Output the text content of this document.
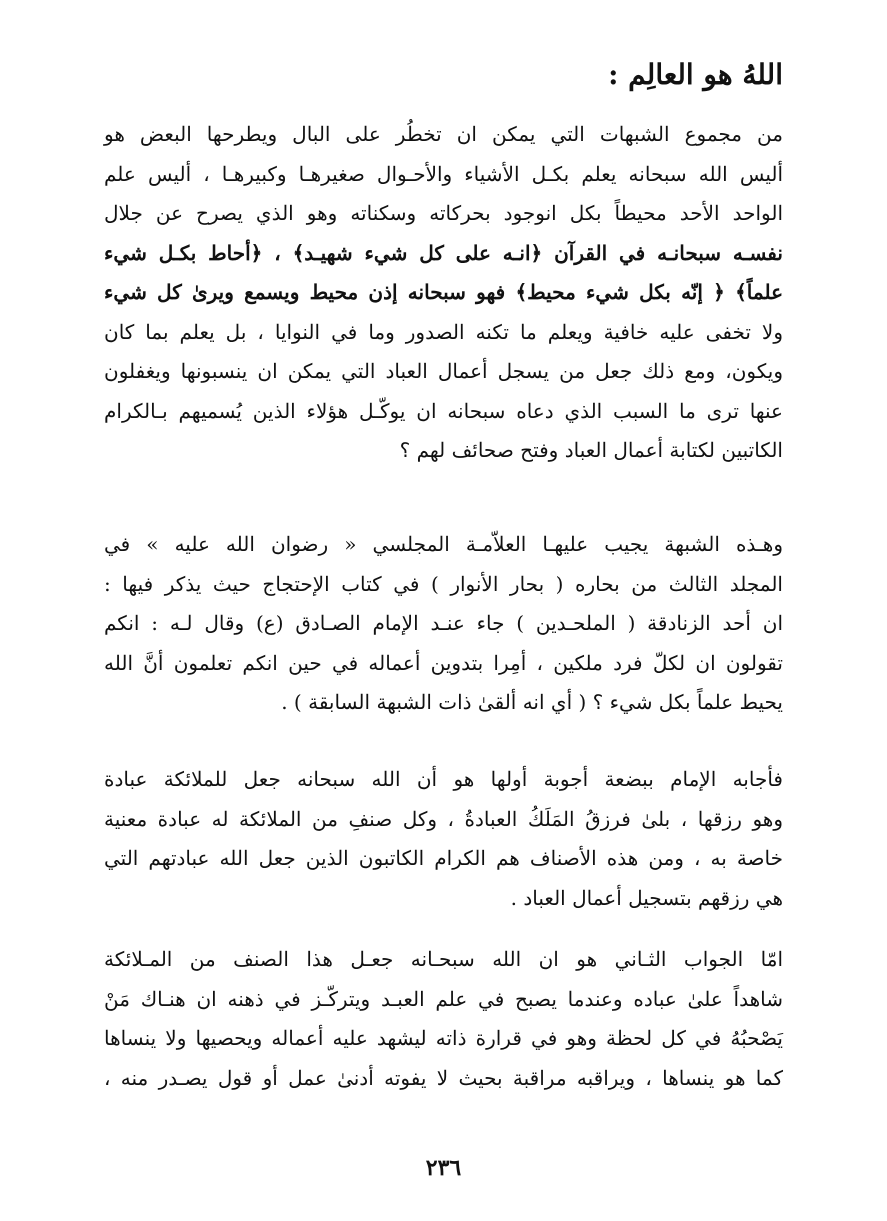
اللهُ هو العالِم :

من مجموع الشبهات التي يمكن ان تخطُر على البال ويطرحها البعض هو
أليس الله سبحانه يعلم بكـل الأشياء والأحـوال صغيرهـا وكبيرهـا ، أليس علم
الواحد الأحد محيطاً بكل انوجود بحركاته وسكناته وهو الذي يصرح عن جلال
نفسـه سبحانـه في القرآن ﴿انـه على كل شيء شهيـد﴾ ، ﴿أحاط بكـل شيء
علماً﴾ ﴿ إنّه بكل شيء محيط﴾ فهو سبحانه إذن محيط ويسمع ويرىٰ كل شيء
ولا تخفى عليه خافية ويعلم ما تكنه الصدور وما في النوايا ، بل يعلم بما كان
ويكون، ومع ذلك جعل من يسجل أعمال العباد التي يمكن ان ينسبونها ويغفلون
عنها ترى ما السبب الذي دعاه سبحانه ان يوكّـل هؤلاء الذين يُسميهم بـالكرام
الكاتبين لكتابة أعمال العباد وفتح صحائف لهم ؟

وهـذه الشبهة يجيب عليهـا العلاّمـة المجلسي « رضوان الله عليه » في
المجلد الثالث من بحاره ( بحار الأنوار ) في كتاب الإحتجاج حيث يذكر فيها :
ان أحد الزنادقة ( الملحـدين ) جاء عنـد الإمام الصـادق (ع) وقال لـه : انكم
تقولون ان لكلّ فرد ملكين ، أمِرا بتدوين أعماله في حين انكم تعلمون أنَّ الله
يحيط علماً بكل شيء ؟ ( أي انه ألقىٰ ذات الشبهة السابقة ) .

فأجابه الإمام ببضعة أجوبة أولها هو أن الله سبحانه جعل للملائكة عبادة
وهو رزقها ، بلىٰ فرزقُ المَلَكُ العبادةُ ، وكل صنفِ من الملائكة له عبادة معنية
خاصة به ، ومن هذه الأصناف هم الكرام الكاتبون الذين جعل الله عبادتهم التي
هي رزقهم بتسجيل أعمال العباد .

امّا الجواب الثـاني هو ان الله سبحـانه جعـل هذا الصنف من المـلائكة
شاهداً علىٰ عباده وعندما يصبح في علم العبـد ويتركّـز في ذهنه ان هنـاك مَنْ
يَصْحبُهُ في كل لحظة وهو في قرارة ذاته ليشهد عليه أعماله ويحصيها ولا ينساها
كما هو ينساها ، ويراقبه مراقبة بحيث لا يفوته أدنىٰ عمل أو قول يصـدر منه ،

٢٣٦
